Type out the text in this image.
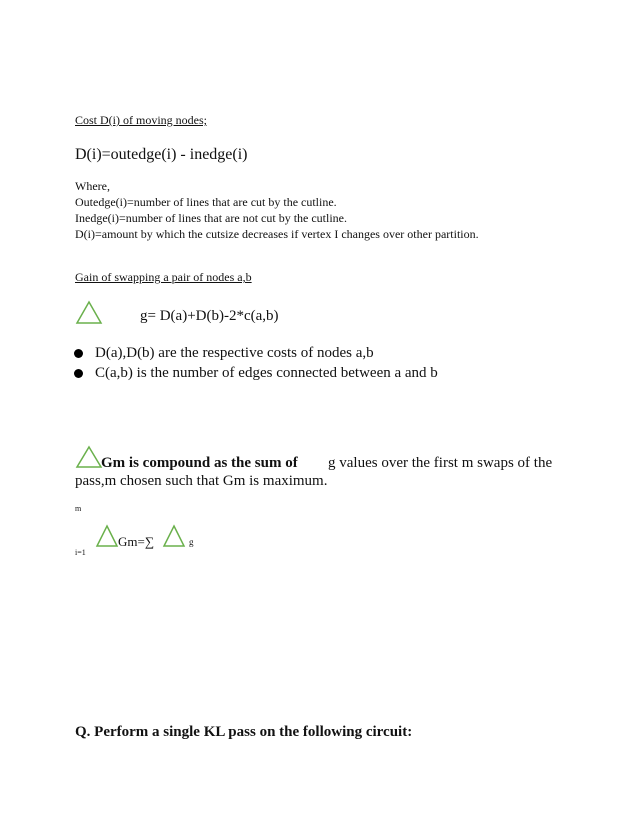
Cost D(i) of moving nodes;
D(i)=outedge(i) - inedge(i)
Where,
Outedge(i)=number of lines that are cut by the cutline.
Inedge(i)=number of lines that are not cut by the cutline.
D(i)=amount by which the cutsize decreases if vertex I changes over other partition.
Gain of swapping a pair of nodes a,b
g= D(a)+D(b)-2*c(a,b)
D(a),D(b) are the respective costs of nodes a,b
C(a,b) is the number of edges connected between a and b
Gm is compound as the sum of g values over the first m swaps of the
pass,m chosen such that Gm is maximum.
m
Gm=∑	g
i=1
Q. Perform a single KL pass on the following circuit:
